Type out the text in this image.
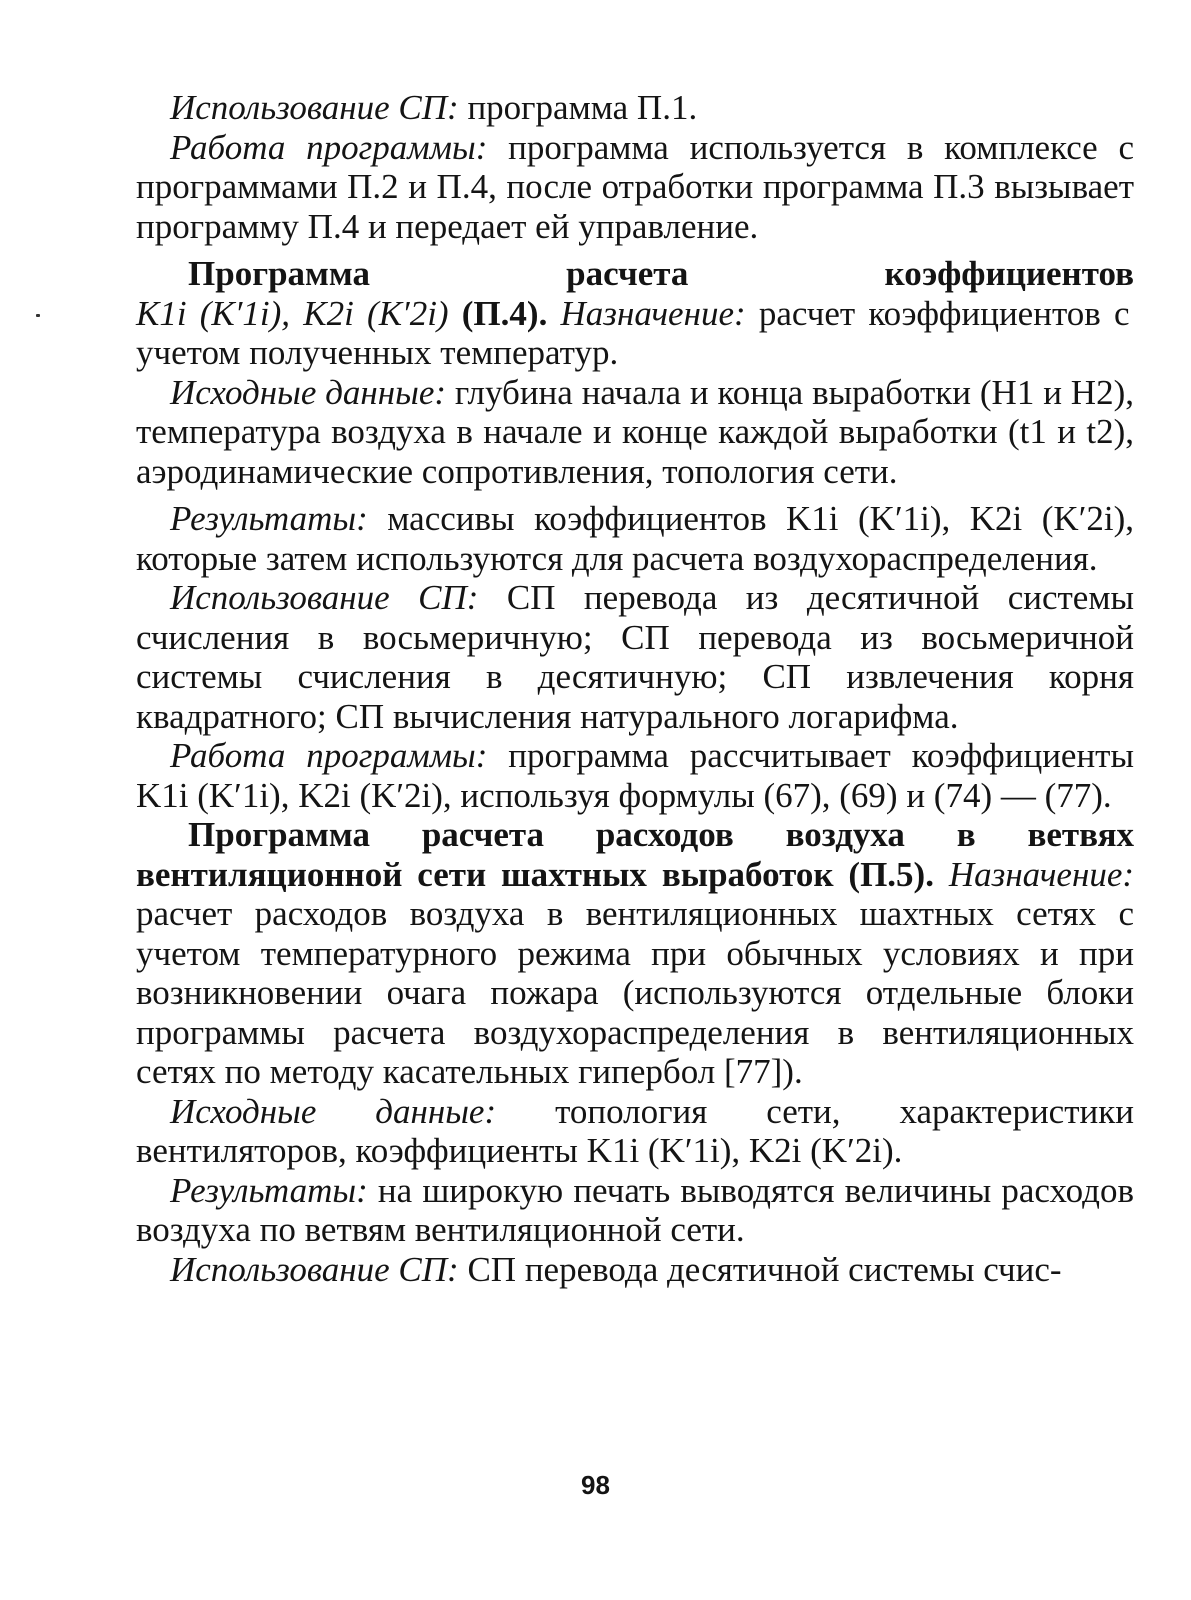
Использование СП: программа П.1.

Работа программы: программа используется в комплексе с программами П.2 и П.4, после отработки программа П.3 вызывает программу П.4 и передает ей управление.

Программа расчета коэффициентов K1i (K′1i), K2i (K′2i) (П.4). Назначение: расчет коэффициентов с учетом полученных температур.

Исходные данные: глубина начала и конца выработки (H1 и H2), температура воздуха в начале и конце каждой выработки (t1 и t2), аэродинамические сопротивления, топология сети.

Результаты: массивы коэффициентов K1i (K′1i), K2i (K′2i), которые затем используются для расчета воздухораспределения.

Использование СП: СП перевода из десятичной системы счисления в восьмеричную; СП перевода из восьмеричной системы счисления в десятичную; СП извлечения корня квадратного; СП вычисления натурального логарифма.

Работа программы: программа рассчитывает коэффициенты K1i (K′1i), K2i (K′2i), используя формулы (67), (69) и (74) — (77).

Программа расчета расходов воздуха в ветвях вентиляционной сети шахтных выработок (П.5). Назначение: расчет расходов воздуха в вентиляционных шахтных сетях с учетом температурного режима при обычных условиях и при возникновении очага пожара (используются отдельные блоки программы расчета воздухораспределения в вентиляционных сетях по методу касательных гипербол [77]).

Исходные данные: топология сети, характеристики вентиляторов, коэффициенты K1i (K′1i), K2i (K′2i).

Результаты: на широкую печать выводятся величины расходов воздуха по ветвям вентиляционной сети.

Использование СП: СП перевода десятичной системы счис-

98
